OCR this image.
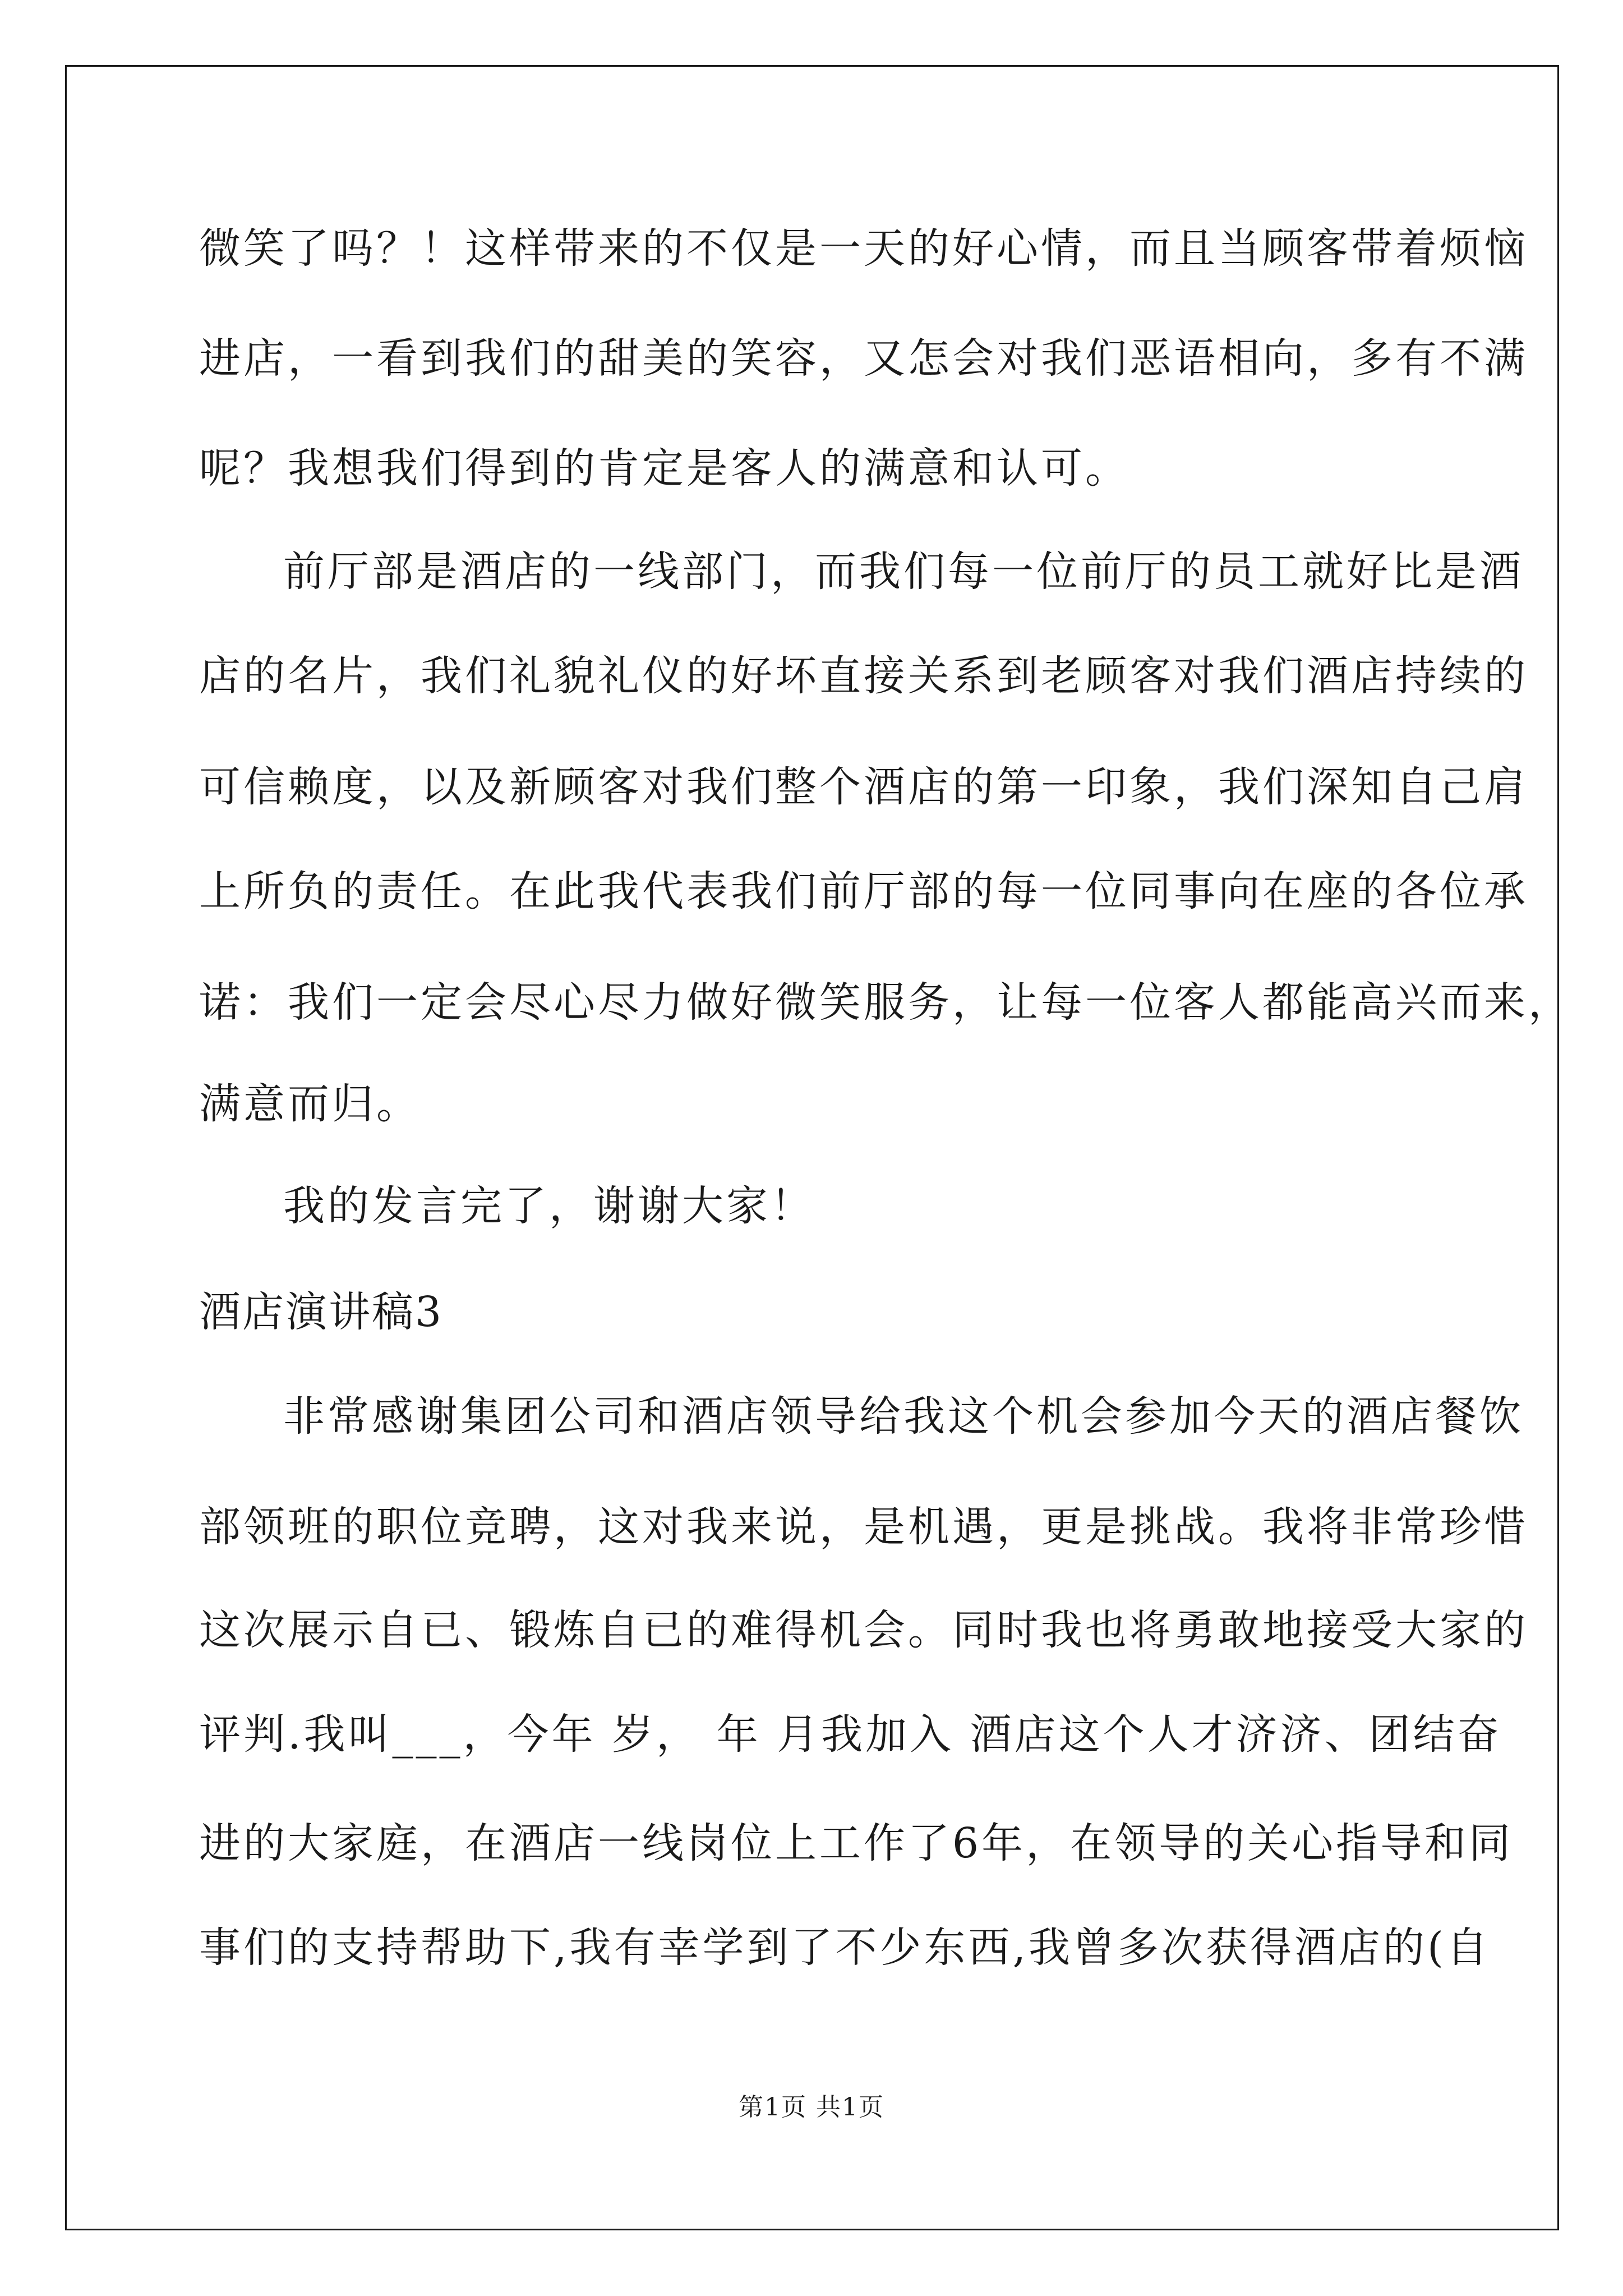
微笑了吗？！这样带来的不仅是一天的好心情，而且当顾客带着烦恼
进店，一看到我们的甜美的笑容，又怎会对我们恶语相向，多有不满
呢？我想我们得到的肯定是客人的满意和认可。
前厅部是酒店的一线部门，而我们每一位前厅的员工就好比是酒
店的名片，我们礼貌礼仪的好坏直接关系到老顾客对我们酒店持续的
可信赖度，以及新顾客对我们整个酒店的第一印象，我们深知自己肩
上所负的责任。在此我代表我们前厅部的每一位同事向在座的各位承
诺：我们一定会尽心尽力做好微笑服务，让每一位客人都能高兴而来，
满意而归。
我的发言完了，谢谢大家！
酒店演讲稿3
非常感谢集团公司和酒店领导给我这个机会参加今天的酒店餐饮
部领班的职位竞聘，这对我来说，是机遇，更是挑战。我将非常珍惜
这次展示自已、锻炼自已的难得机会。同时我也将勇敢地接受大家的
评判.我叫___，今年 岁， 年 月我加入 酒店这个人才济济、团结奋
进的大家庭，在酒店一线岗位上工作了6年，在领导的关心指导和同
事们的支持帮助下,我有幸学到了不少东西,我曾多次获得酒店的(自
第1页 共1页
